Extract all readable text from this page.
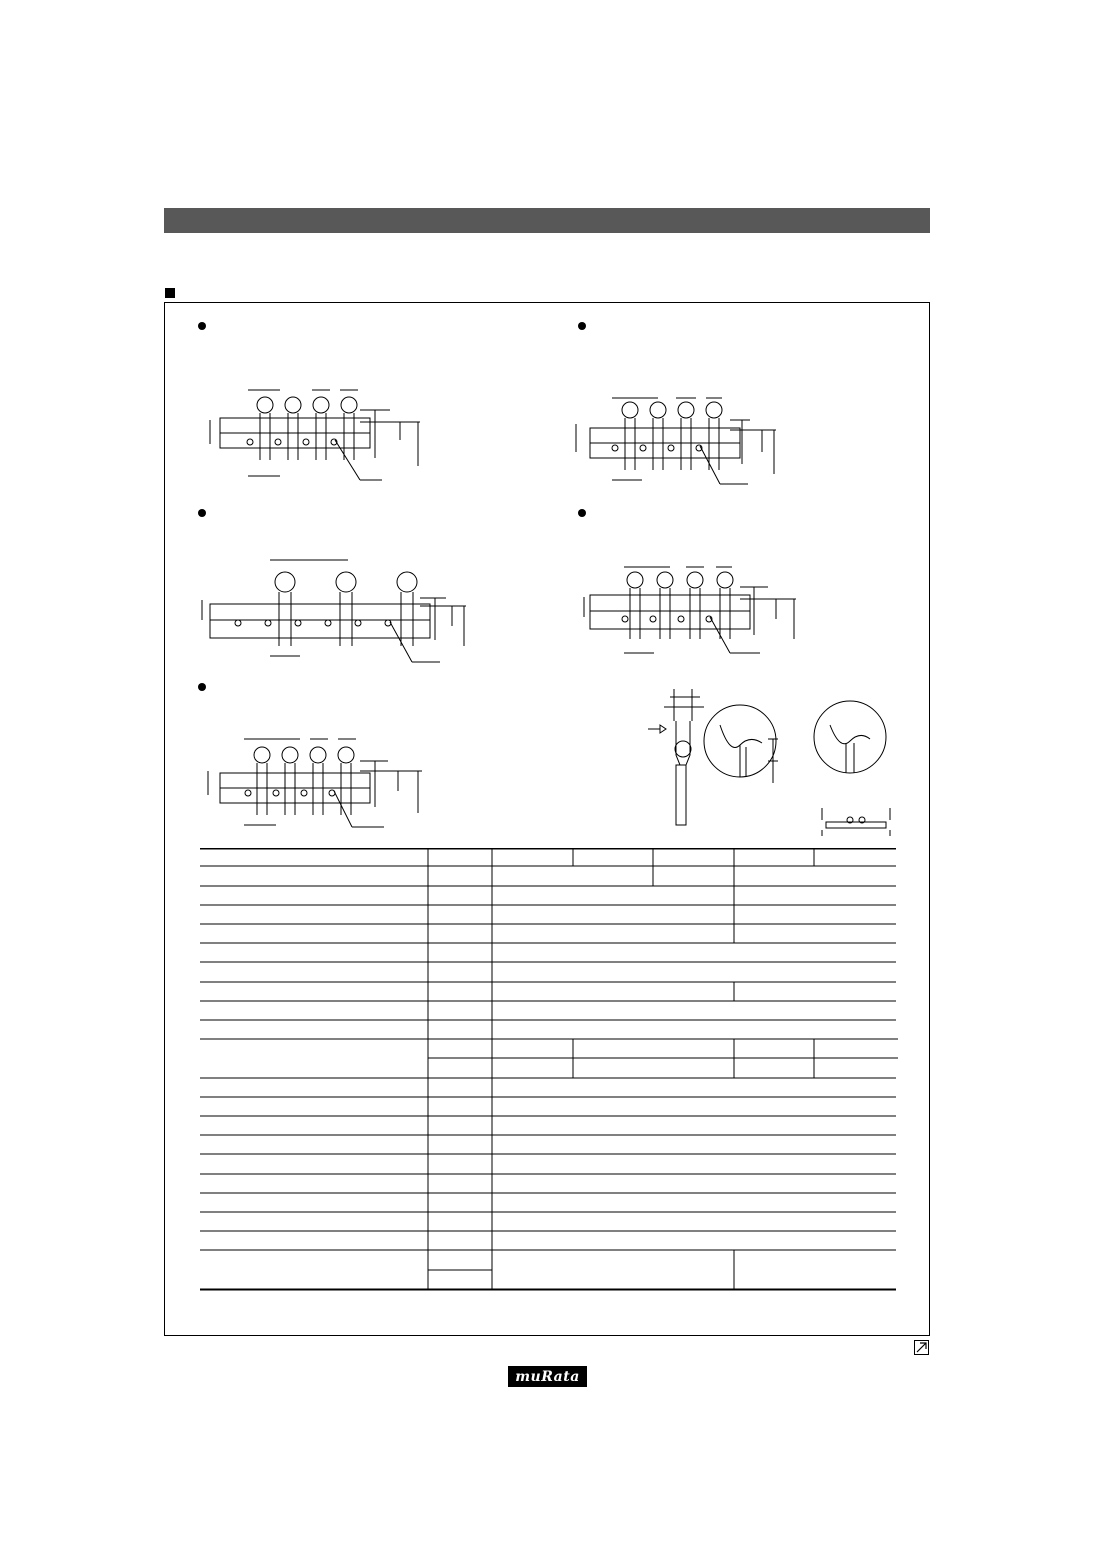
muRata
